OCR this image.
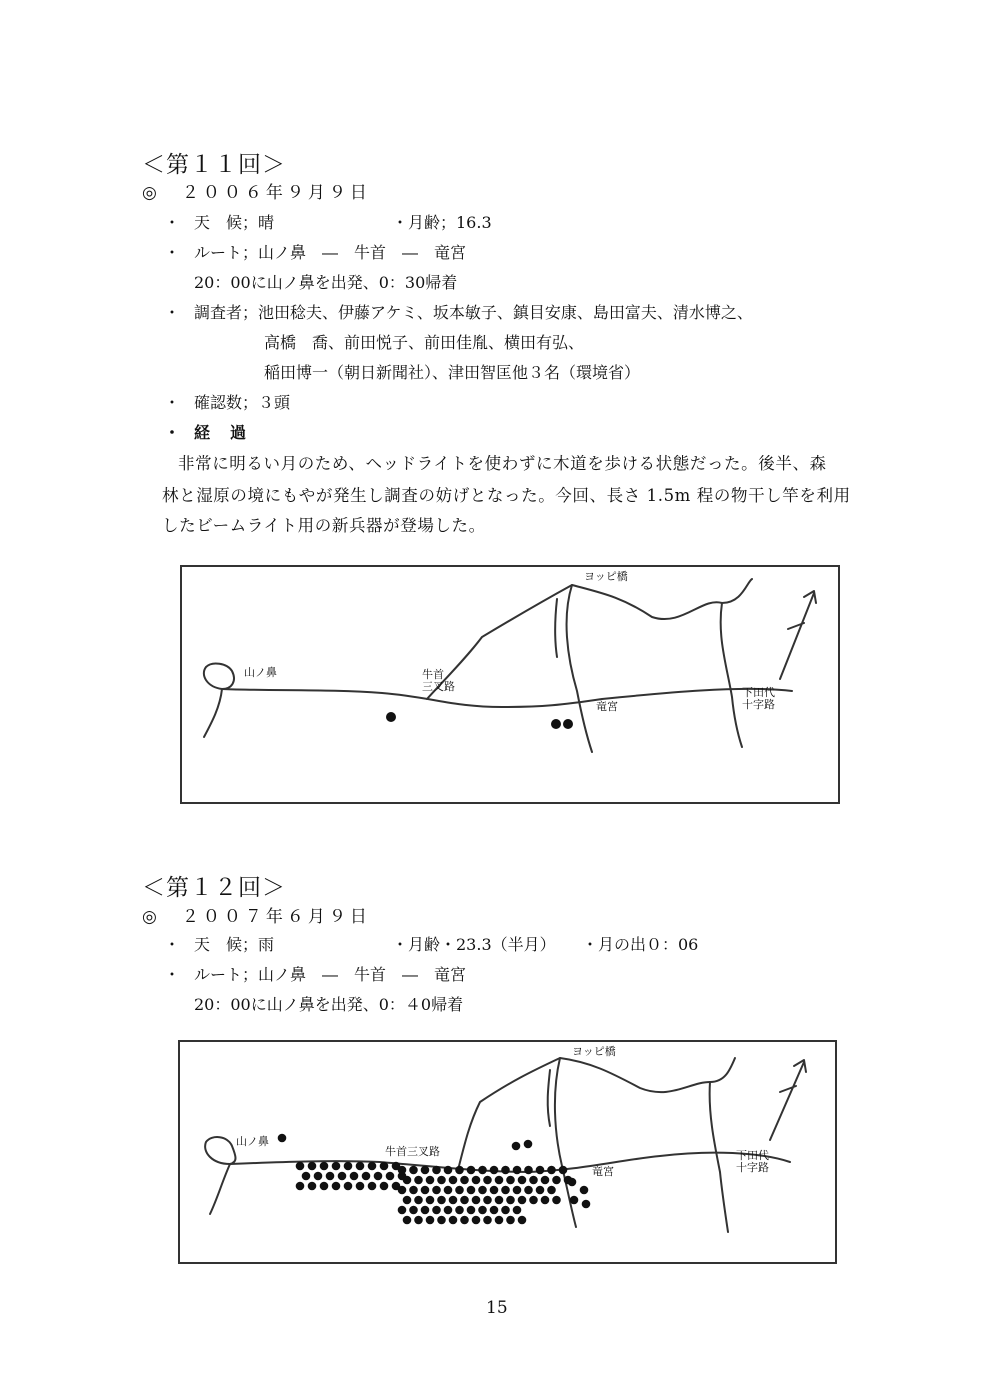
＜第１１回＞
◎　２００６年９月９日
・ 天　候；晴	・月齢；16.3
・ ルート；山ノ鼻　―　牛首　―　竜宮
20：00に山ノ鼻を出発、0：30帰着
・ 調査者；池田稔夫、伊藤アケミ、坂本敏子、鎮目安康、島田富夫、清水博之、
高橋　喬、前田悦子、前田佳胤、横田有弘、
稲田博一（朝日新聞社）、津田智匡他３名（環境省）
・ 確認数；３頭
・ 経　過
非常に明るい月のため、ヘッドライトを使わずに木道を歩ける状態だった。後半、森
林と湿原の境にもやが発生し調査の妨げとなった。今回、長さ 1.5m 程の物干し竿を利用
したビームライト用の新兵器が登場した。
ヨッピ橋
山ノ鼻	牛首
三叉路
竜宮
下田代
十字路
＜第１２回＞
◎　２００７年６月９日
・ 天　候；雨	・月齢・23.3（半月） ・月の出０：06
・ ルート；山ノ鼻　―　牛首　―　竜宮
20：00に山ノ鼻を出発、0：４0帰着
ヨッピ橋
山ノ鼻
牛首三叉路
竜宮
下田代
十字路
15
